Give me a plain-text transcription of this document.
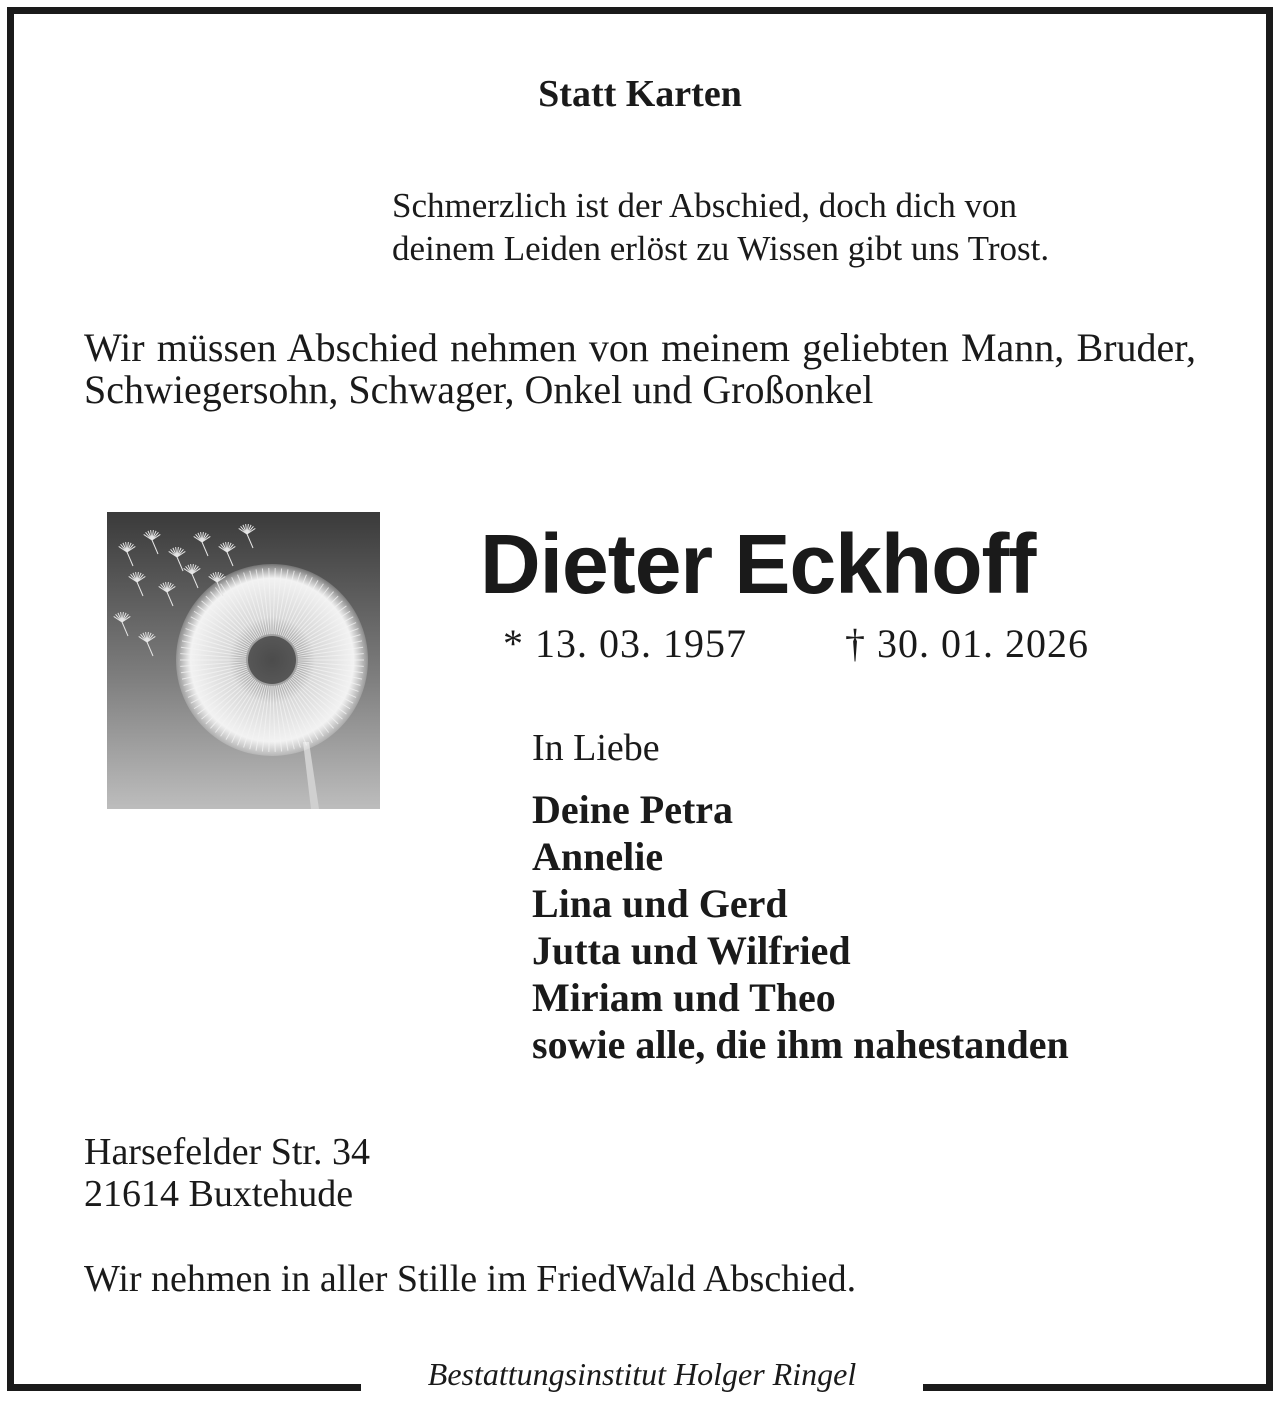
Statt Karten
Schmerzlich ist der Abschied, doch dich von
deinem Leiden erlöst zu Wissen gibt uns Trost.
Wir müssen Abschied nehmen von meinem geliebten Mann, Bruder, Schwiegersohn, Schwager, Onkel und Großonkel
Dieter Eckhoff
* 13. 03. 1957 † 30. 01. 2026
In Liebe
Deine Petra
Annelie
Lina und Gerd
Jutta und Wilfried
Miriam und Theo
sowie alle, die ihm nahestanden
Harsefelder Str. 34
21614 Buxtehude
Wir nehmen in aller Stille im FriedWald Abschied.
Bestattungsinstitut Holger Ringel
